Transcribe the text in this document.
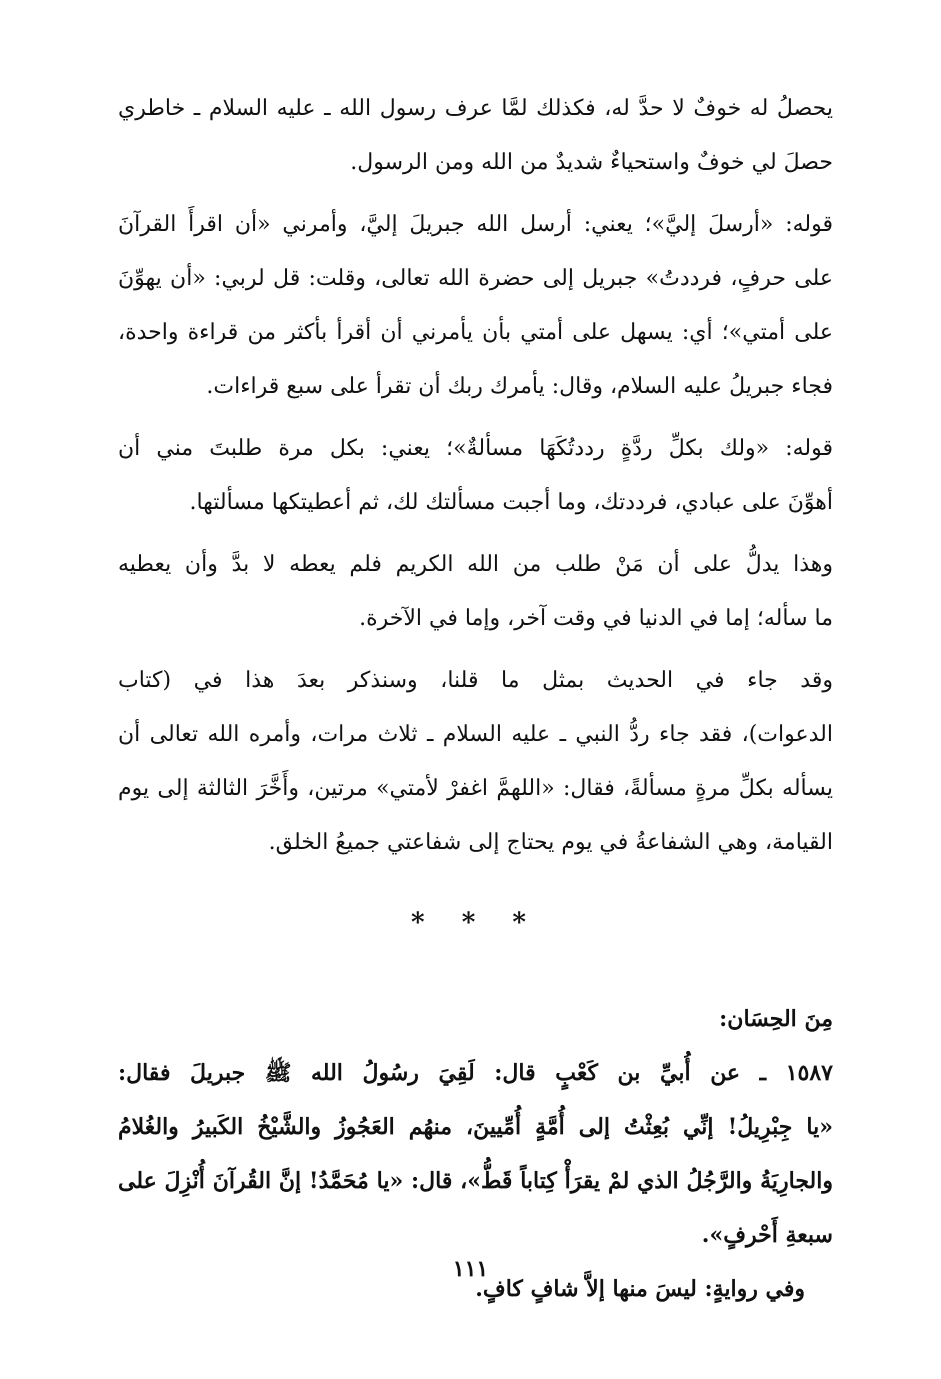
يحصلُ له خوفٌ لا حدَّ له، فكذلك لمَّا عرف رسول الله ـ عليه السلام ـ خاطري
حصلَ لي خوفٌ واستحياءٌ شديدٌ من الله ومن الرسول.
قوله: «أرسلَ إليَّ»؛ يعني: أرسل الله جبريلَ إليَّ، وأمرني «أن اقرأَ القرآنَ
على حرفٍ، فرددتُ» جبريل إلى حضرة الله تعالى، وقلت: قل لربي: «أن يهوِّنَ
على أمتي»؛ أي: يسهل على أمتي بأن يأمرني أن أقرأ بأكثر من قراءة واحدة،
فجاء جبريلُ عليه السلام، وقال: يأمرك ربك أن تقرأ على سبع قراءات.
قوله: «ولك بكلِّ ردَّةٍ رددتُكَهَا مسألةٌ»؛ يعني: بكل مرة طلبتَ مني أن
أهوِّنَ على عبادي، فرددتك، وما أجبت مسألتك لك، ثم أعطيتكها مسألتها.
وهذا يدلُّ على أن مَنْ طلب من الله الكريم فلم يعطه لا بدَّ وأن يعطيه
ما سأله؛ إما في الدنيا في وقت آخر، وإما في الآخرة.
وقد جاء في الحديث بمثل ما قلنا، وسنذكر بعدَ هذا في (كتاب
الدعوات)، فقد جاء ردُّ النبي ـ عليه السلام ـ ثلاث مرات، وأمره الله تعالى أن
يسأله بكلِّ مرةٍ مسألةً، فقال: «اللهمَّ اغفرْ لأمتي» مرتين، وأَخَّرَ الثالثة إلى يوم
القيامة، وهي الشفاعةُ في يوم يحتاج إلى شفاعتي جميعُ الخلق.
* * *
مِنَ الحِسَان:
١٥٨٧ ـ عن أُبيِّ بن كَعْبٍ قال: لَقِيَ رسُولُ الله ﷺ جبريلَ فقال:
«يا جِبْرِيلُ! إنِّي بُعِثْتُ إلى أُمَّةٍ أُمِّيينَ، منهُم العَجُوزُ والشَّيْخُ الكَبيرُ والغُلامُ
والجارِيَةُ والرَّجُلُ الذي لمْ يقرَأْ كِتاباً قَطُّ»، قال: «يا مُحَمَّدُ! إنَّ القُرآنَ أُنْزِلَ على
سبعةِ أَحْرفٍ».
وفي روايةٍ: ليسَ منها إلاَّ شافٍ كافٍ.
١١١
